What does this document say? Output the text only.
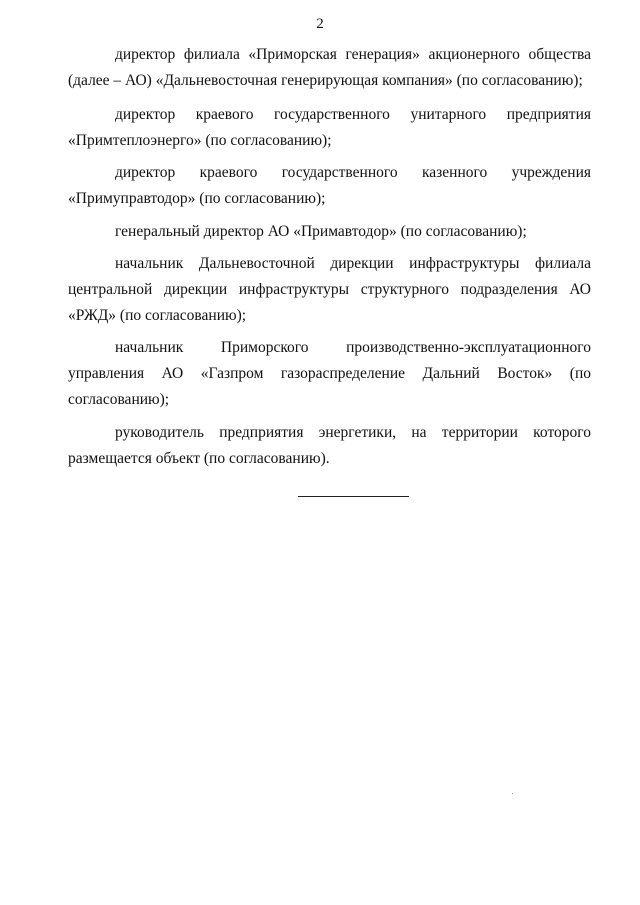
2

директор филиала «Приморская генерация» акционерного общества (далее – АО) «Дальневосточная генерирующая компания» (по согласованию);

директор краевого государственного унитарного предприятия «Примтеплоэнерго» (по согласованию);

директор краевого государственного казенного учреждения «Примуправтодор» (по согласованию);

генеральный директор АО «Примавтодор» (по согласованию);

начальник Дальневосточной дирекции инфраструктуры филиала центральной дирекции инфраструктуры структурного подразделения АО «РЖД» (по согласованию);

начальник Приморского производственно-эксплуатационного управления АО «Газпром газораспределение Дальний Восток» (по согласованию);

руководитель предприятия энергетики, на территории которого размещается объект (по согласованию).
